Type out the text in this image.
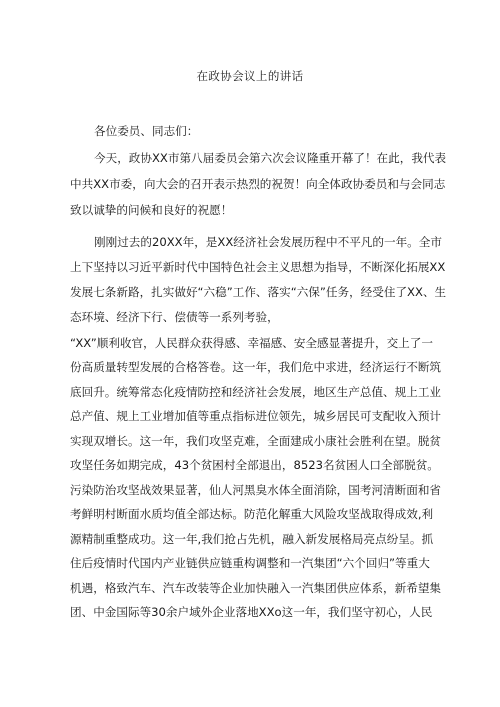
在政协会议上的讲话
各位委员、同志们：
今天，政协XX市第八届委员会第六次会议隆重开幕了！在此，我代表
中共XX市委，向大会的召开表示热烈的祝贺！向全体政协委员和与会同志
致以诚挚的问候和良好的祝愿！
刚刚过去的20XX年，是XX经济社会发展历程中不平凡的一年。全市
上下坚持以习近平新时代中国特色社会主义思想为指导，不断深化拓展XX
发展七条新路，扎实做好“六稳”工作、落实“六保”任务，经受住了XX、生
态环境、经济下行、偿债等一系列考验，
“XX”顺利收官，人民群众获得感、幸福感、安全感显著提升，交上了一
份高质量转型发展的合格答卷。这一年，我们危中求进，经济运行不断筑
底回升。统筹常态化疫情防控和经济社会发展，地区生产总值、规上工业
总产值、规上工业增加值等重点指标进位领先，城乡居民可支配收入预计
实现双增长。这一年，我们攻坚克难，全面建成小康社会胜利在望。脱贫
攻坚任务如期完成，43个贫困村全部退出，8523名贫困人口全部脱贫。
污染防治攻坚战效果显著，仙人河黑臭水体全面消除，国考河清断面和省
考鲜明村断面水质均值全部达标。防范化解重大风险攻坚战取得成效,利
源精制重整成功。这一年,我们抢占先机，融入新发展格局亮点纷呈。抓
住后疫情时代国内产业链供应链重构调整和一汽集团“六个回归”等重大
机遇，格致汽车、汽车改装等企业加快融入一汽集团供应体系，新希望集
团、中金国际等30余户域外企业落地XXo这一年，我们坚守初心，人民
